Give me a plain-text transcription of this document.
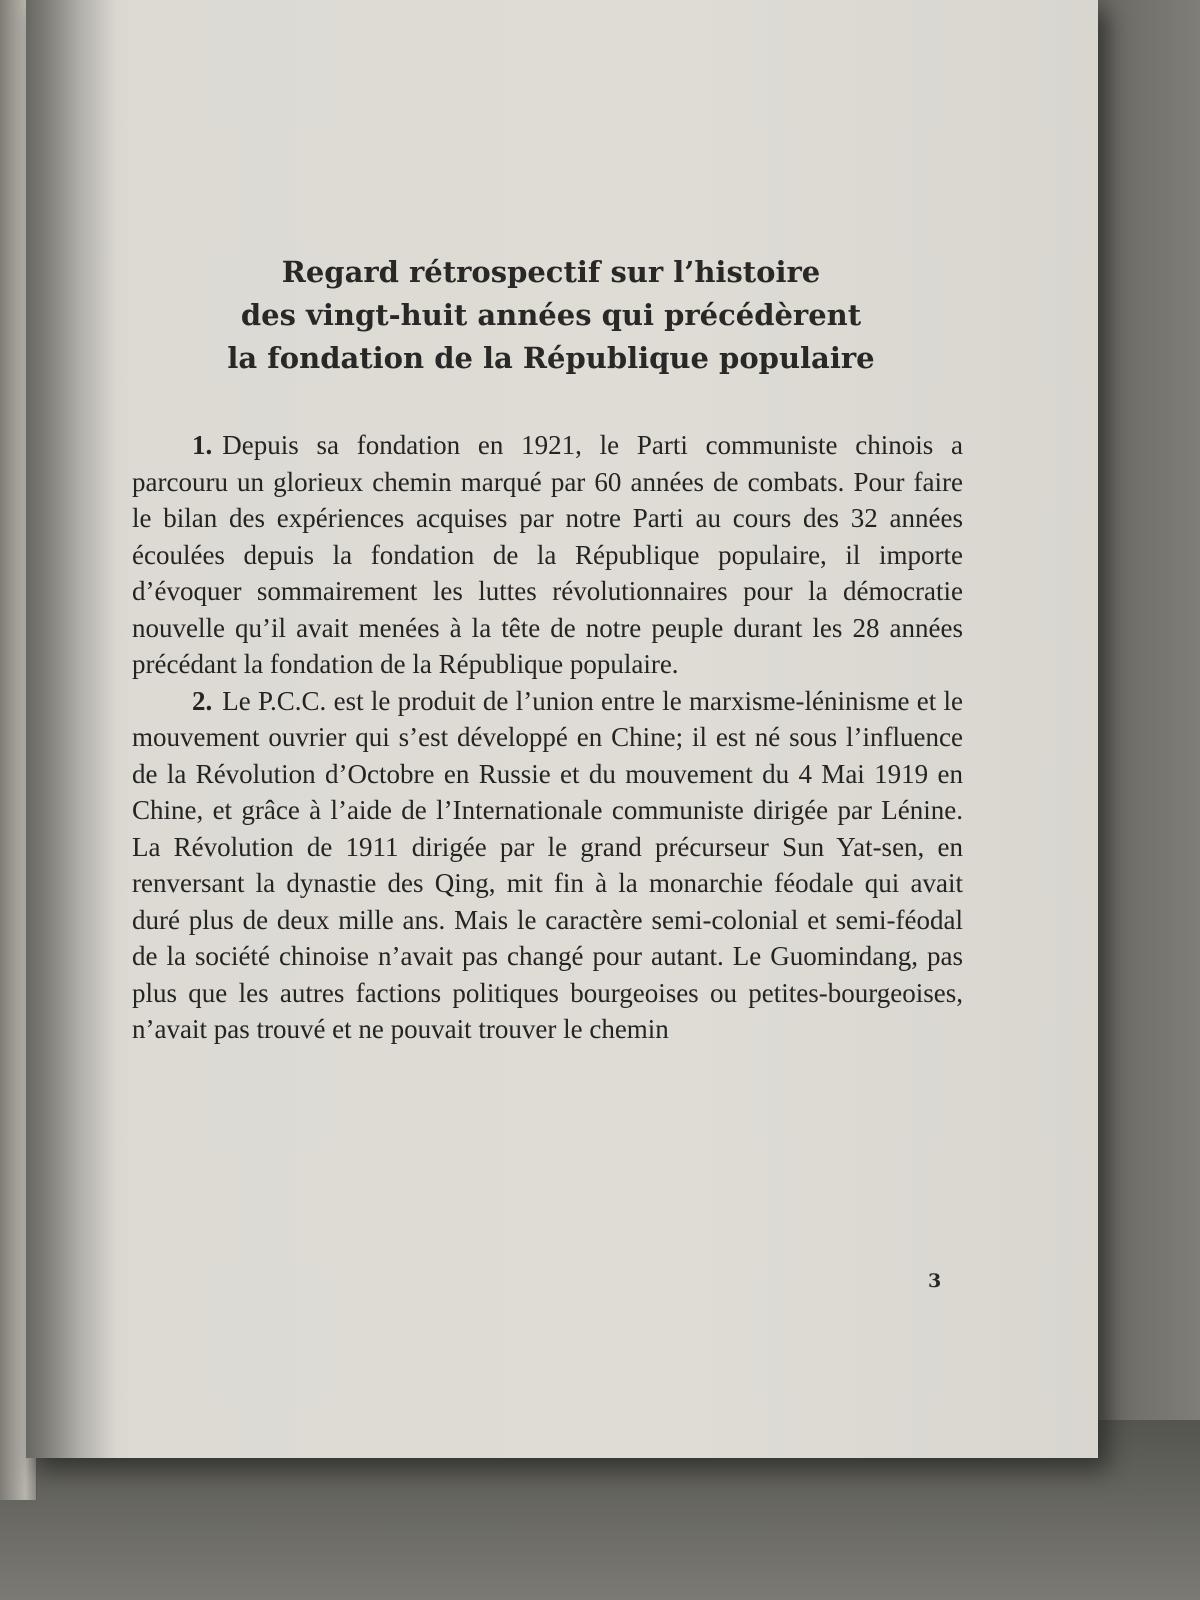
Regard rétrospectif sur l’histoire
des vingt-huit années qui précédèrent
la fondation de la République populaire

1. Depuis sa fondation en 1921, le Parti communiste chinois a parcouru un glorieux chemin marqué par 60 années de combats. Pour faire le bilan des expériences acquises par notre Parti au cours des 32 années écoulées depuis la fondation de la République populaire, il importe d’évoquer sommairement les luttes révolutionnaires pour la démocratie nouvelle qu’il avait menées à la tête de notre peuple durant les 28 années précédant la fondation de la République populaire.

2. Le P.C.C. est le produit de l’union entre le marxisme-léninisme et le mouvement ouvrier qui s’est développé en Chine; il est né sous l’influence de la Révolution d’Octobre en Russie et du mouvement du 4 Mai 1919 en Chine, et grâce à l’aide de l’Internationale communiste dirigée par Lénine. La Révolution de 1911 dirigée par le grand précurseur Sun Yat-sen, en renversant la dynastie des Qing, mit fin à la monarchie féodale qui avait duré plus de deux mille ans. Mais le caractère semi-colonial et semi-féodal de la société chinoise n’avait pas changé pour autant. Le Guomindang, pas plus que les autres factions politiques bourgeoises ou petites-bourgeoises, n’avait pas trouvé et ne pouvait trouver le chemin

3
